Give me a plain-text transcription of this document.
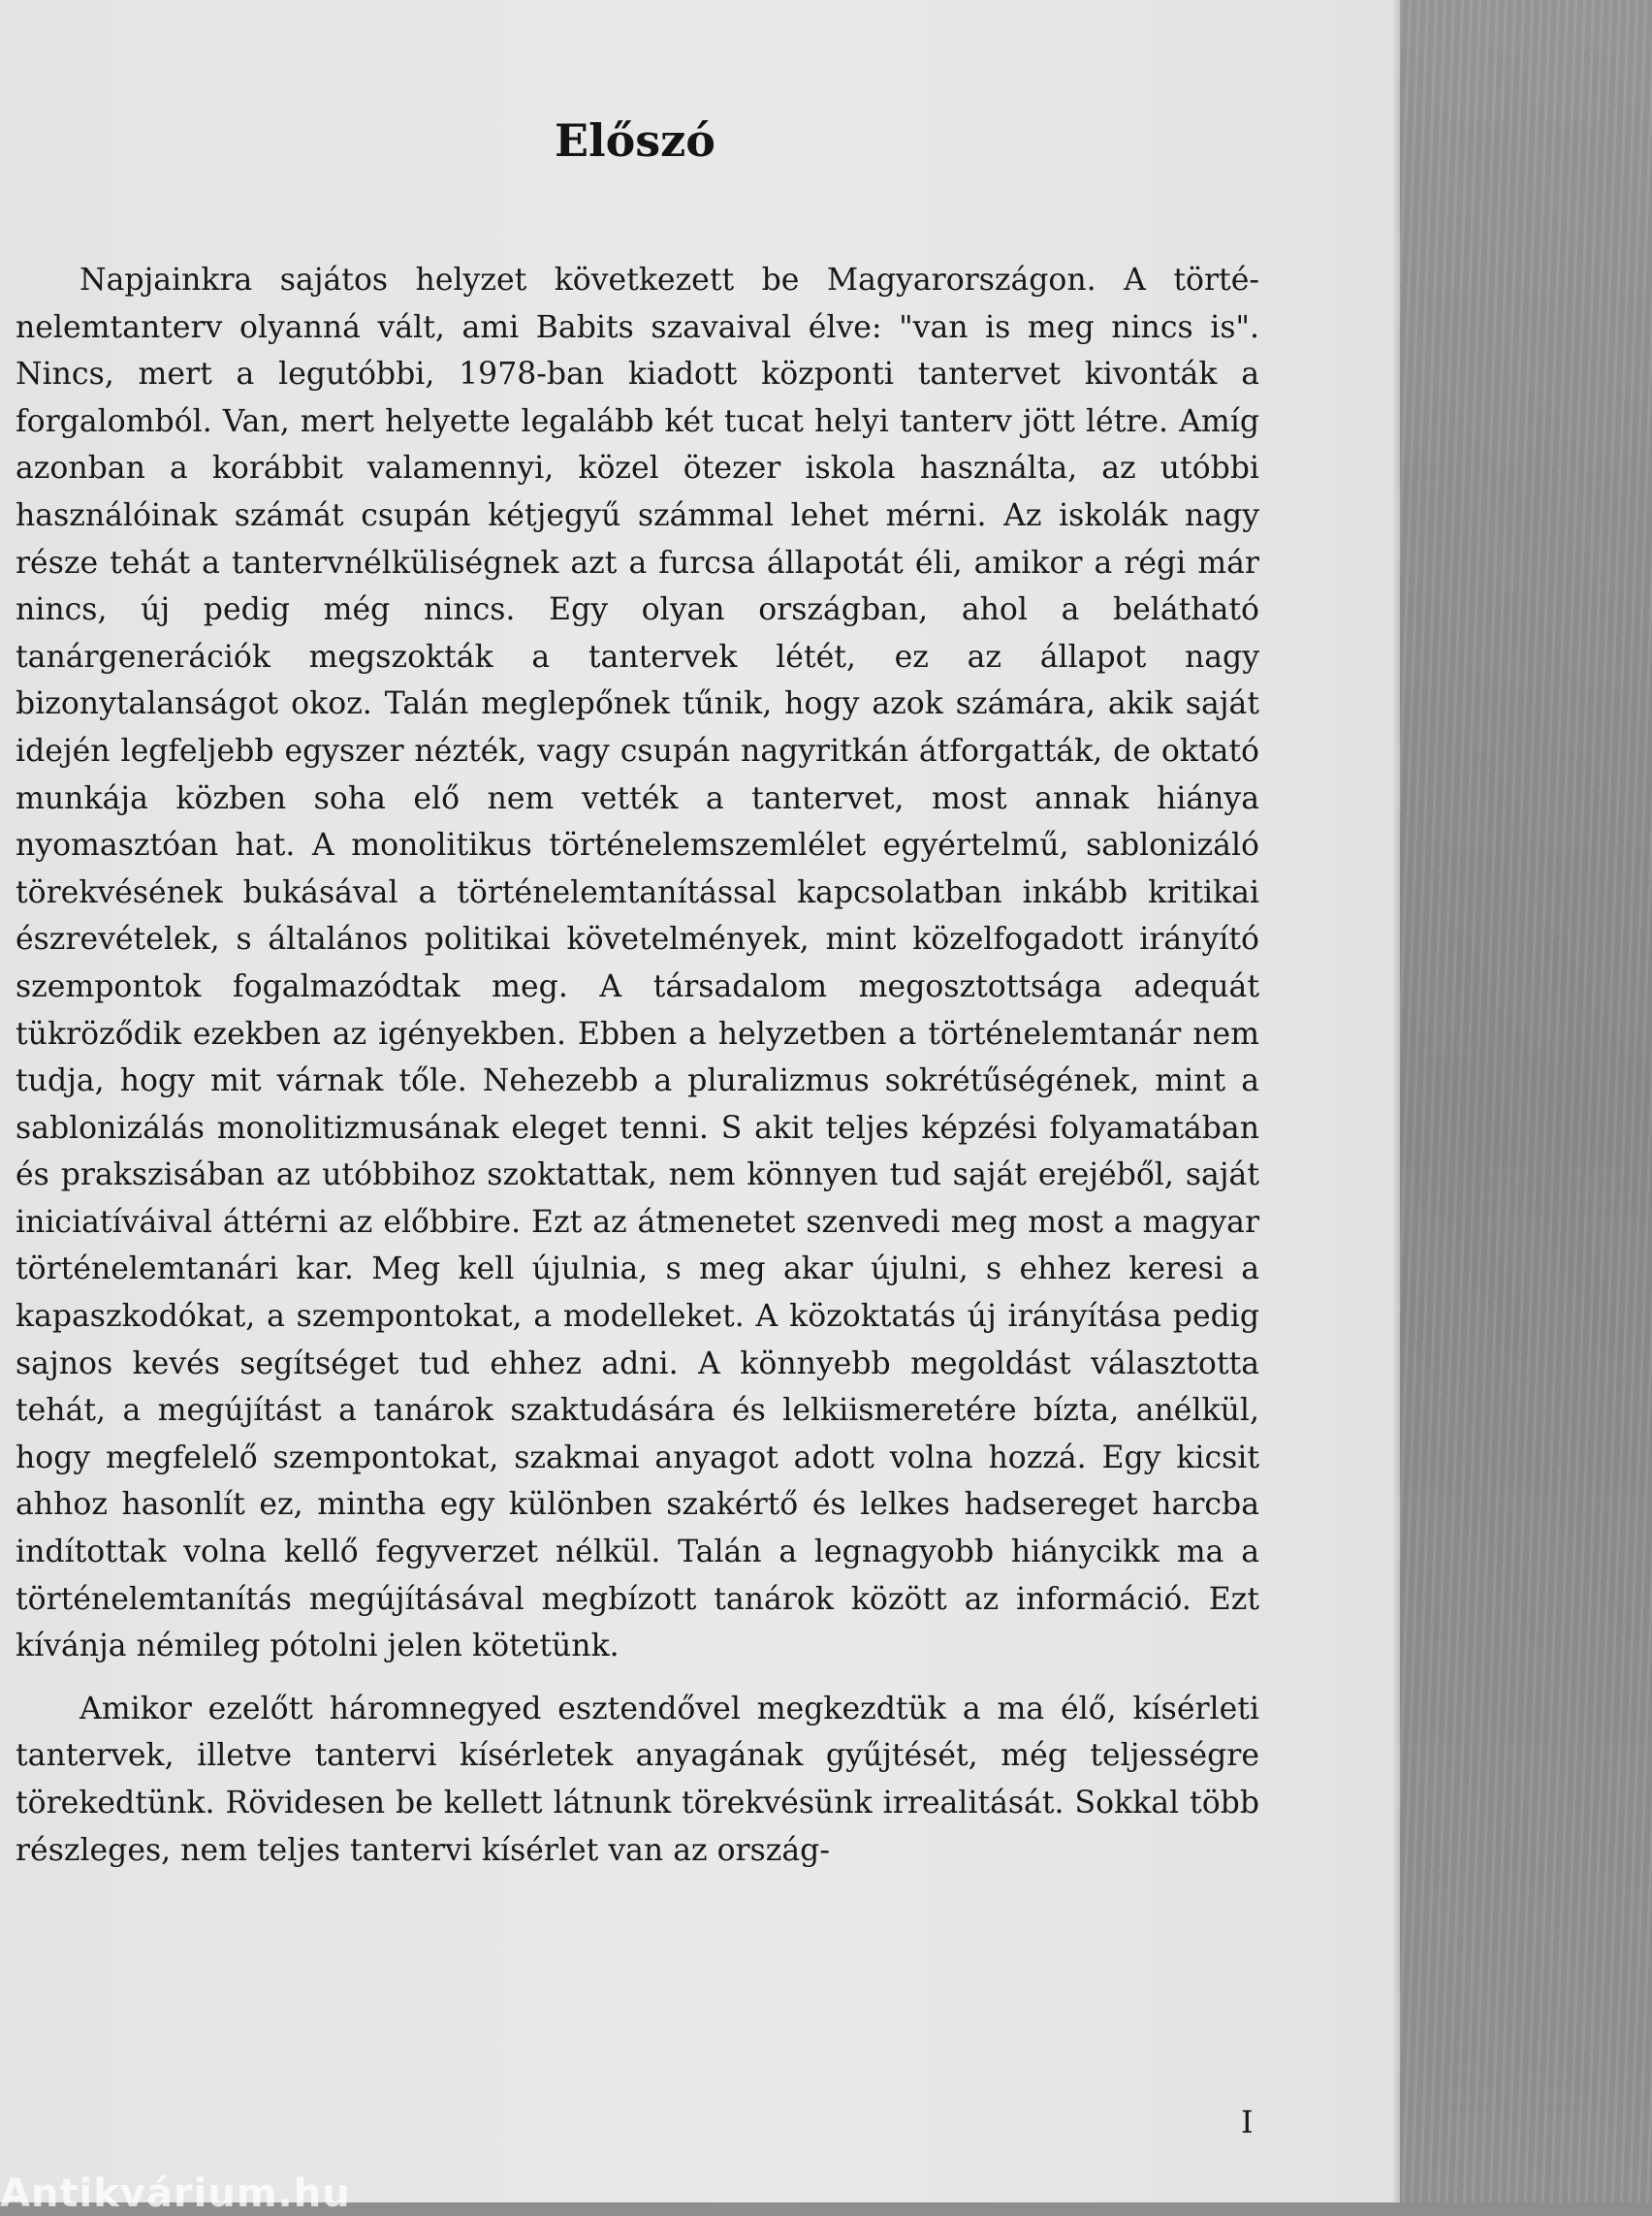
Előszó

Napjainkra sajátos helyzet következett be Magyarországon. A történelemtanterv olyanná vált, ami Babits szavaival élve: "van is meg nincs is". Nincs, mert a legutóbbi, 1978-ban kiadott központi tantervet kivonták a forgalomból. Van, mert helyette legalább két tucat helyi tanterv jött létre. Amíg azonban a korábbit valamennyi, közel ötezer iskola használta, az utóbbi használóinak számát csupán kétjegyű számmal lehet mérni. Az iskolák nagy része tehát a tantervnélküliségnek azt a furcsa állapotát éli, amikor a régi már nincs, új pedig még nincs. Egy olyan országban, ahol a belátható tanárgenerációk megszokták a tantervek létét, ez az állapot nagy bizonytalanságot okoz. Talán meglepőnek tűnik, hogy azok számára, akik saját idején legfeljebb egyszer nézték, vagy csupán nagyritkán átforgatták, de oktató munkája közben soha elő nem vették a tantervet, most annak hiánya nyomasztóan hat. A monolitikus történelemszemlélet egyértelmű, sablonizáló törekvésének bukásával a történelemtanítással kapcsolatban inkább kritikai észrevételek, s általános politikai követelmények, mint közelfogadott irányító szempontok fogalmazódtak meg. A társadalom megosztottsága adequát tükröződik ezekben az igényekben. Ebben a helyzetben a történelemtanár nem tudja, hogy mit várnak tőle. Nehezebb a pluralizmus sokrétűségének, mint a sablonizálás monolitizmusának eleget tenni. S akit teljes képzési folyamatában és prakszisában az utóbbihoz szoktattak, nem könnyen tud saját erejéből, saját iniciatíváival áttérni az előbbire. Ezt az átmenetet szenvedi meg most a magyar történelemtanári kar. Meg kell újulnia, s meg akar újulni, s ehhez keresi a kapaszkodókat, a szempontokat, a modelleket. A közoktatás új irányítása pedig sajnos kevés segítséget tud ehhez adni. A könnyebb megoldást választotta tehát, a megújítást a tanárok szaktudására és lelkiismeretére bízta, anélkül, hogy megfelelő szempontokat, szakmai anyagot adott volna hozzá. Egy kicsit ahhoz hasonlít ez, mintha egy különben szakértő és lelkes hadsereget harcba indítottak volna kellő fegyverzet nélkül. Talán a legnagyobb hiánycikk ma a történelemtanítás megújításával megbízott tanárok között az információ. Ezt kívánja némileg pótolni jelen kötetünk.

Amikor ezelőtt háromnegyed esztendővel megkezdtük a ma élő, kísérleti tantervek, illetve tantervi kísérletek anyagának gyűjtését, még teljességre törekedtünk. Rövidesen be kellett látnunk törekvésünk irrealitását. Sokkal több részleges, nem teljes tantervi kísérlet van az ország-

I
Antikvárium.hu
